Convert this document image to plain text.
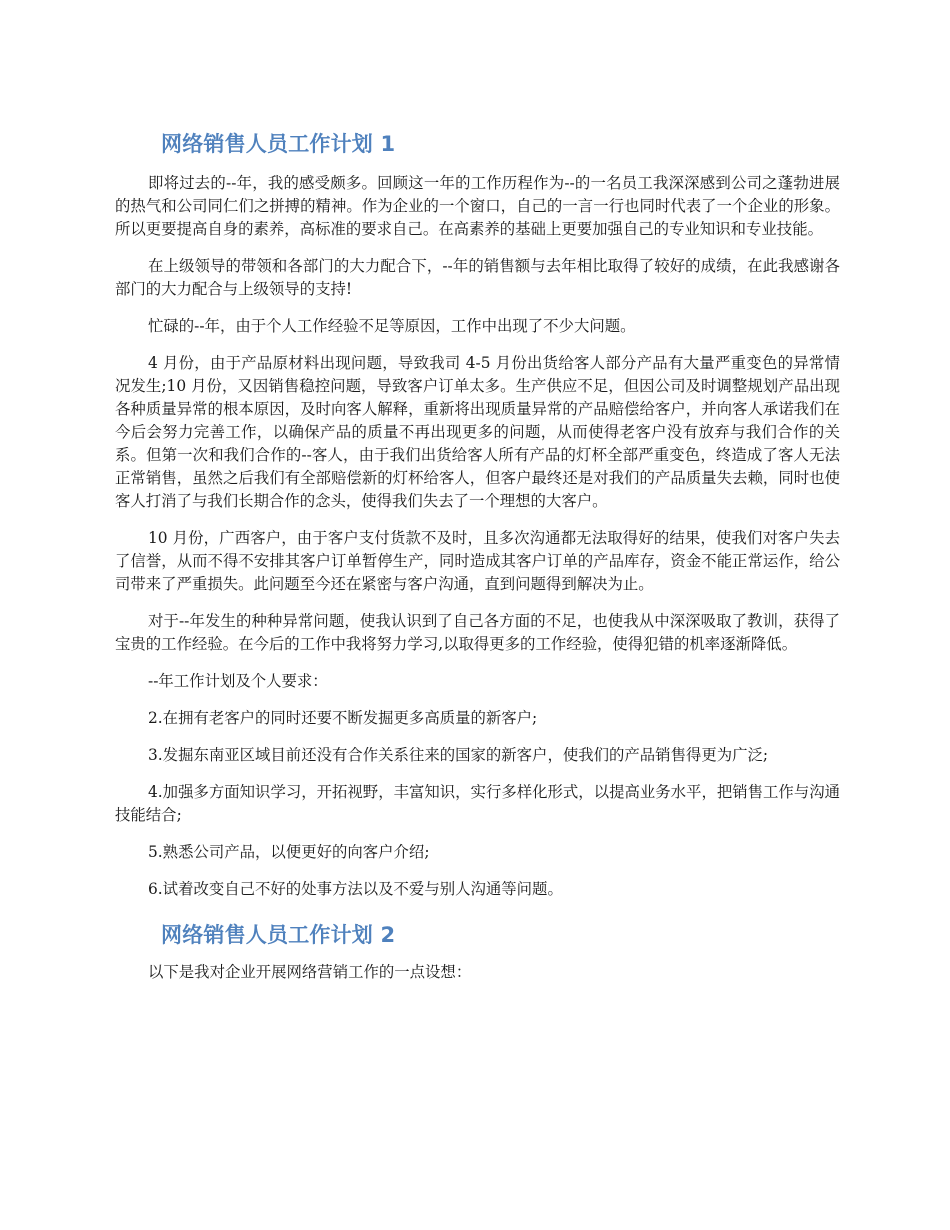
网络销售人员工作计划 1

即将过去的--年，我的感受颇多。回顾这一年的工作历程作为--的一名员工我深深感到公司之蓬勃进展的热气和公司同仁们之拼搏的精神。作为企业的一个窗口，自己的一言一行也同时代表了一个企业的形象。所以更要提高自身的素养，高标准的要求自己。在高素养的基础上更要加强自己的专业知识和专业技能。

在上级领导的带领和各部门的大力配合下，--年的销售额与去年相比取得了较好的成绩，在此我感谢各部门的大力配合与上级领导的支持!

忙碌的--年，由于个人工作经验不足等原因，工作中出现了不少大问题。

4 月份，由于产品原材料出现问题，导致我司 4-5 月份出货给客人部分产品有大量严重变色的异常情况发生;10 月份，又因销售稳控问题，导致客户订单太多。生产供应不足，但因公司及时调整规划产品出现各种质量异常的根本原因，及时向客人解释，重新将出现质量异常的产品赔偿给客户，并向客人承诺我们在今后会努力完善工作，以确保产品的质量不再出现更多的问题，从而使得老客户没有放弃与我们合作的关系。但第一次和我们合作的--客人，由于我们出货给客人所有产品的灯杯全部严重变色，终造成了客人无法正常销售，虽然之后我们有全部赔偿新的灯杯给客人，但客户最终还是对我们的产品质量失去赖，同时也使客人打消了与我们长期合作的念头，使得我们失去了一个理想的大客户。

10 月份，广西客户，由于客户支付货款不及时，且多次沟通都无法取得好的结果，使我们对客户失去了信誉，从而不得不安排其客户订单暂停生产，同时造成其客户订单的产品库存，资金不能正常运作，给公司带来了严重损失。此问题至今还在紧密与客户沟通，直到问题得到解决为止。

对于--年发生的种种异常问题，使我认识到了自己各方面的不足，也使我从中深深吸取了教训，获得了宝贵的工作经验。在今后的工作中我将努力学习,以取得更多的工作经验，使得犯错的机率逐渐降低。

--年工作计划及个人要求：

2.在拥有老客户的同时还要不断发掘更多高质量的新客户;

3.发掘东南亚区域目前还没有合作关系往来的国家的新客户，使我们的产品销售得更为广泛;

4.加强多方面知识学习，开拓视野，丰富知识，实行多样化形式，以提高业务水平，把销售工作与沟通技能结合;

5.熟悉公司产品，以便更好的向客户介绍;

6.试着改变自己不好的处事方法以及不爱与别人沟通等问题。

网络销售人员工作计划 2

以下是我对企业开展网络营销工作的一点设想：
